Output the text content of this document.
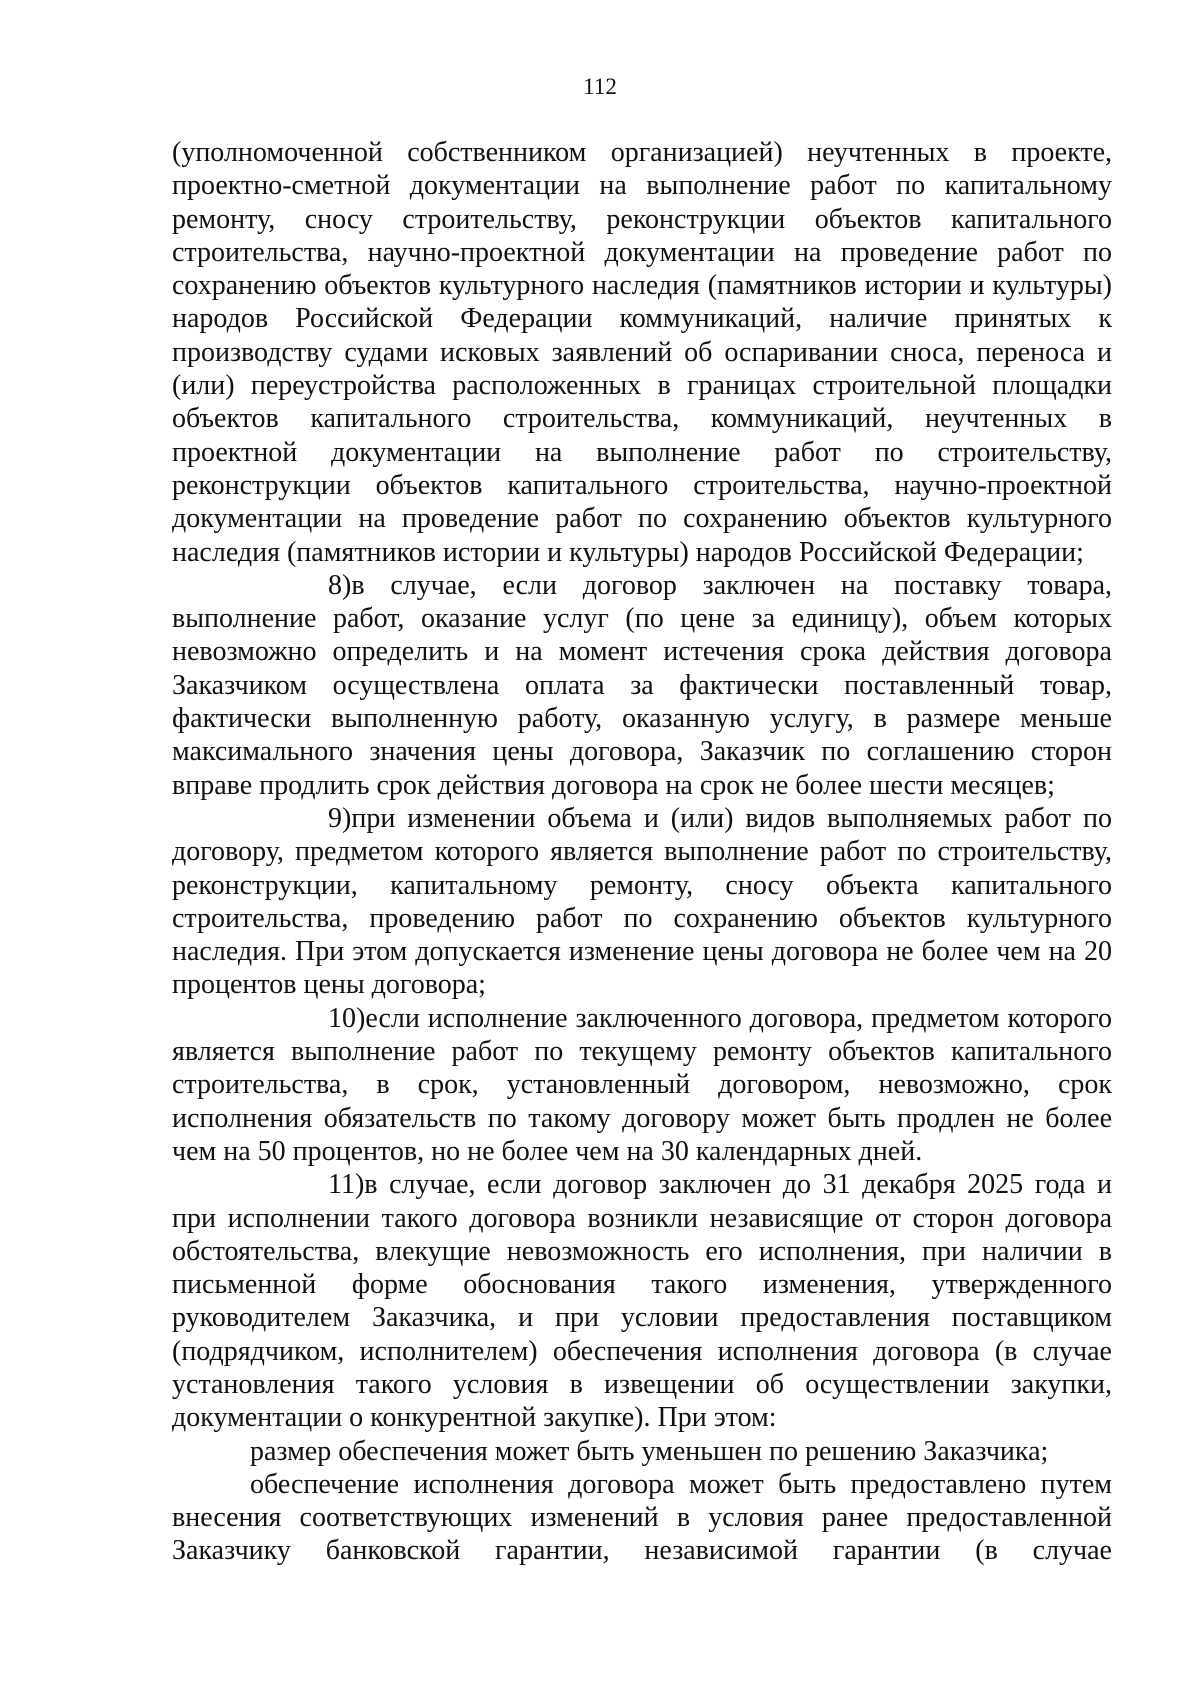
112

(уполномоченной собственником организацией) неучтенных в проекте, проектно-сметной документации на выполнение работ по капитальному ремонту, сносу строительству, реконструкции объектов капитального строительства, научно-проектной документации на проведение работ по сохранению объектов культурного наследия (памятников истории и культуры) народов Российской Федерации коммуникаций, наличие принятых к производству судами исковых заявлений об оспаривании сноса, переноса и (или) переустройства расположенных в границах строительной площадки объектов капитального строительства, коммуникаций, неучтенных в проектной документации на выполнение работ по строительству, реконструкции объектов капитального строительства, научно-проектной документации на проведение работ по сохранению объектов культурного наследия (памятников истории и культуры) народов Российской Федерации;

8)в случае, если договор заключен на поставку товара, выполнение работ, оказание услуг (по цене за единицу), объем которых невозможно определить и на момент истечения срока действия договора Заказчиком осуществлена оплата за фактически поставленный товар, фактически выполненную работу, оказанную услугу, в размере меньше максимального значения цены договора, Заказчик по соглашению сторон вправе продлить срок действия договора на срок не более шести месяцев;

9)при изменении объема и (или) видов выполняемых работ по договору, предметом которого является выполнение работ по строительству, реконструкции, капитальному ремонту, сносу объекта капитального строительства, проведению работ по сохранению объектов культурного наследия. При этом допускается изменение цены договора не более чем на 20 процентов цены договора;

10)если исполнение заключенного договора, предметом которого является выполнение работ по текущему ремонту объектов капитального строительства, в срок, установленный договором, невозможно, срок исполнения обязательств по такому договору может быть продлен не более чем на 50 процентов, но не более чем на 30 календарных дней.

11)в случае, если договор заключен до 31 декабря 2025 года и при исполнении такого договора возникли независящие от сторон договора обстоятельства, влекущие невозможность его исполнения, при наличии в письменной форме обоснования такого изменения, утвержденного руководителем Заказчика, и при условии предоставления поставщиком (подрядчиком, исполнителем) обеспечения исполнения договора (в случае установления такого условия в извещении об осуществлении закупки, документации о конкурентной закупке). При этом:

размер обеспечения может быть уменьшен по решению Заказчика;

обеспечение исполнения договора может быть предоставлено путем внесения соответствующих изменений в условия ранее предоставленной Заказчику банковской гарантии, независимой гарантии (в случае
